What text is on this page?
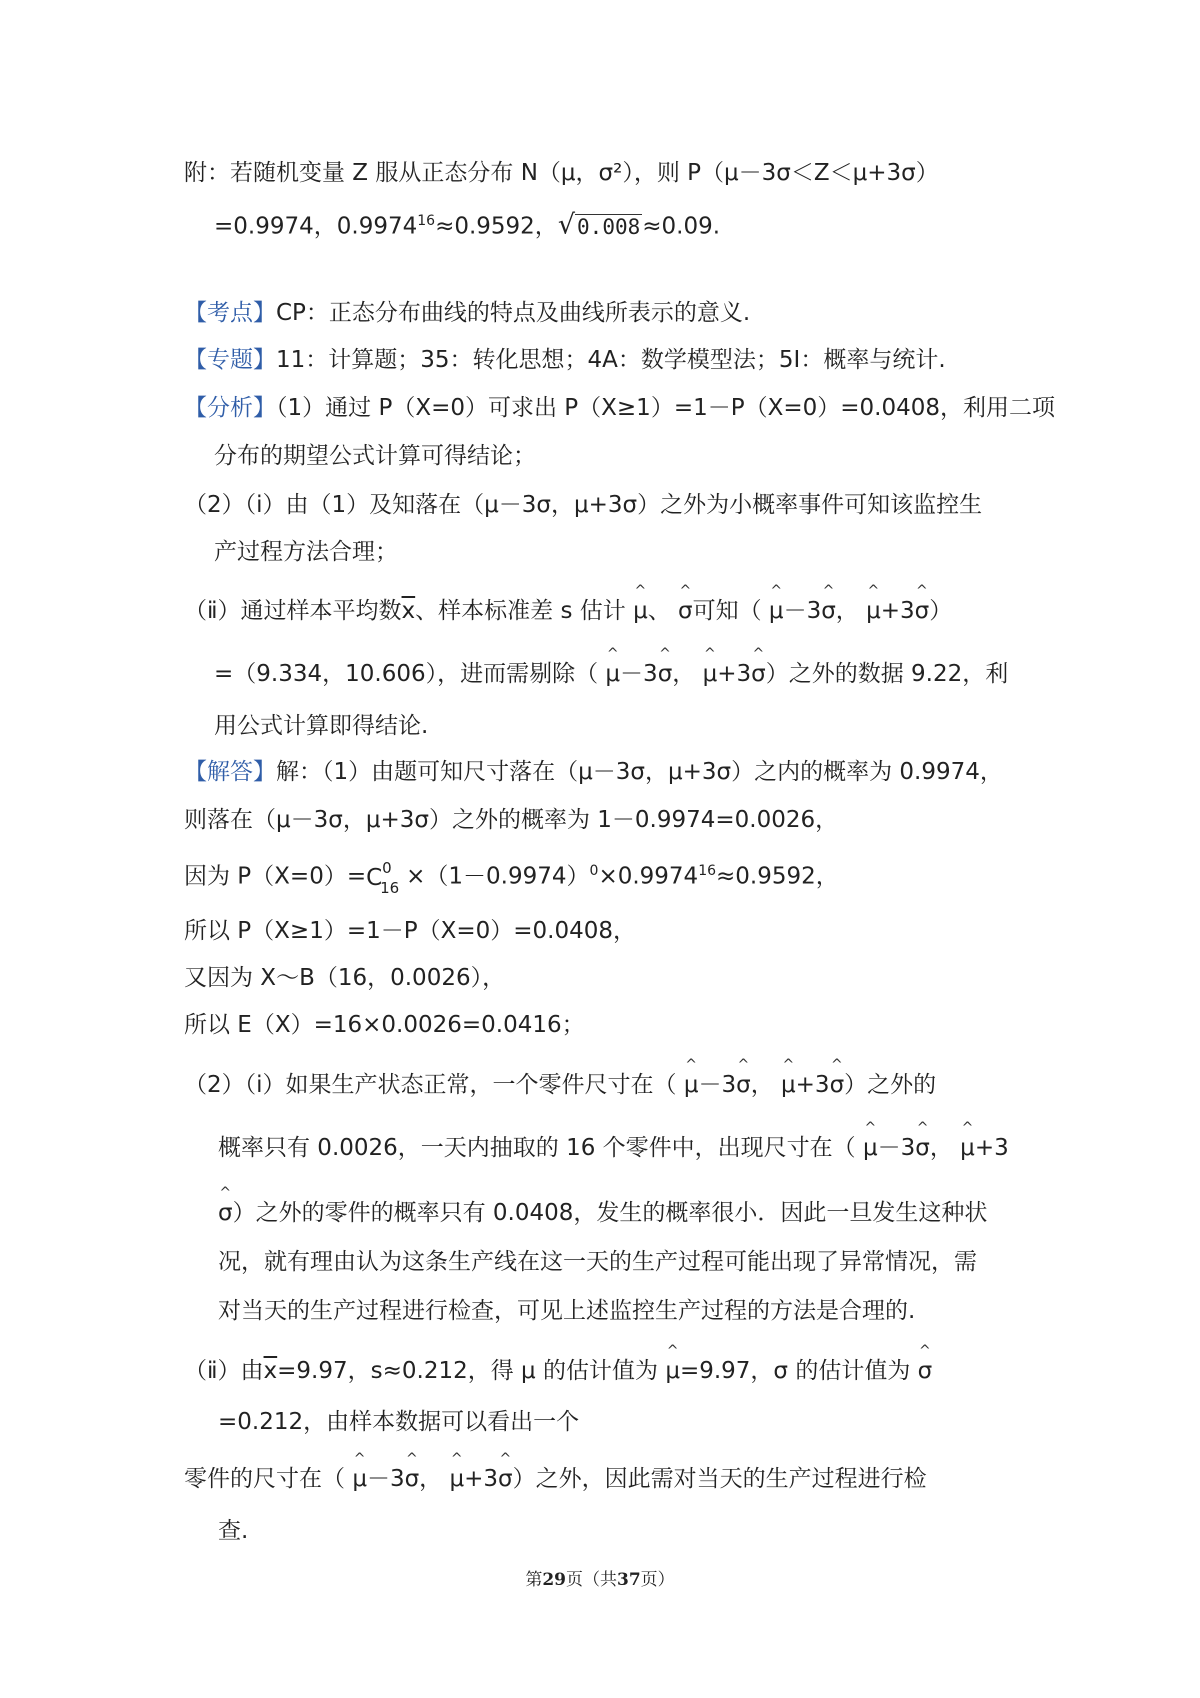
附：若随机变量 Z 服从正态分布 N（μ，σ²），则 P（μ－3σ＜Z＜μ+3σ）
=0.9974，$0.9974^{16}\approx 0.9592$，√0.008≈0.09.
【考点】CP：正态分布曲线的特点及曲线所表示的意义.
【专题】11：计算题；35：转化思想；4A：数学模型法；5I：概率与统计.
【分析】（1）通过 P（X=0）可求出 P（X≥1）=1－P（X=0）=0.0408，利用二项
分布的期望公式计算可得结论；
（2）（ⅰ）由（1）及知落在（μ－3σ，μ+3σ）之外为小概率事件可知该监控生
产过程方法合理；
（ⅱ）通过样本平均数$\overline{x}$、样本标准差 s 估计 ^ μ、 ^ σ可知（ ^ μ－3^ σ， ^ μ+3^ σ）
=（9.334，10.606），进而需剔除（ ^ μ－3^ σ， ^ μ+3^ σ）之外的数据 9.22，利
用公式计算即得结论.
【解答】解：（1）由题可知尺寸落在（μ－3σ，μ+3σ）之内的概率为 0.9974，
则落在（μ－3σ，μ+3σ）之外的概率为 1－0.9974=0.0026，
因为 P（X=0）= C 0
$16 \times(1-0.9974)^0\times 0.9974^{16}\approx 0.9592$，
所以 P（X≥1）=1－P（X=0）=0.0408，
又因为 X～B（16，0.0026），
所以 E（X）=16×0.0026=0.0416；
（2）（ⅰ）如果生产状态正常，一个零件尺寸在（ ^ μ－3^ σ， ^ μ+3^ σ）之外的
概率只有 0.0026，一天内抽取的 16 个零件中，出现尺寸在（ ^ μ－3^ σ， ^ μ+3
^ σ）之外的零件的概率只有 0.0408，发生的概率很小．因此一旦发生这种状
况，就有理由认为这条生产线在这一天的生产过程可能出现了异常情况，需
对当天的生产过程进行检查，可见上述监控生产过程的方法是合理的.
（ⅱ）由$\overline{x}=9.97$，s≈0.212，得 μ 的估计值为 ^ μ=9.97，σ 的估计值为 ^ σ
=0.212，由样本数据可以看出一个
零件的尺寸在（ ^ μ－3^ σ， ^ μ+3^ σ）之外，因此需对当天的生产过程进行检
查.
第29页（共37页）
